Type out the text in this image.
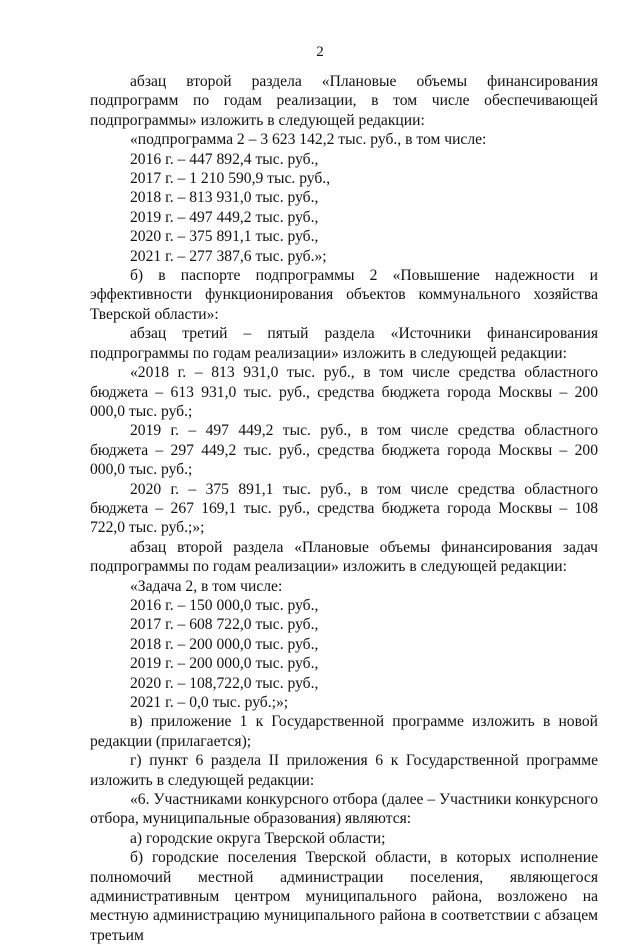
2

абзац второй раздела «Плановые объемы финансирования подпрограмм по годам реализации, в том числе обеспечивающей подпрограммы» изложить в следующей редакции:

«подпрограмма 2 – 3 623 142,2 тыс. руб., в том числе:

2016 г. – 447 892,4 тыс. руб.,

2017 г. – 1 210 590,9 тыс. руб.,

2018 г. – 813 931,0 тыс. руб.,

2019 г. – 497 449,2 тыс. руб.,

2020 г. – 375 891,1 тыс. руб.,

2021 г. – 277 387,6 тыс. руб.»;

б) в паспорте подпрограммы 2 «Повышение надежности и эффективности функционирования объектов коммунального хозяйства Тверской области»:

абзац третий – пятый раздела «Источники финансирования подпрограммы по годам реализации» изложить в следующей редакции:

«2018 г. – 813 931,0 тыс. руб., в том числе средства областного бюджета – 613 931,0 тыс. руб., средства бюджета города Москвы – 200 000,0 тыс. руб.;

2019 г. – 497 449,2 тыс. руб., в том числе средства областного бюджета – 297 449,2 тыс. руб., средства бюджета города Москвы – 200 000,0 тыс. руб.;

2020 г. – 375 891,1 тыс. руб., в том числе средства областного бюджета – 267 169,1 тыс. руб., средства бюджета города Москвы – 108 722,0 тыс. руб.;»;

абзац второй раздела «Плановые объемы финансирования задач подпрограммы по годам реализации» изложить в следующей редакции:

«Задача 2, в том числе:

2016 г. – 150 000,0 тыс. руб.,

2017 г. – 608 722,0 тыс. руб.,

2018 г. – 200 000,0 тыс. руб.,

2019 г. – 200 000,0 тыс. руб.,

2020 г. – 108,722,0 тыс. руб.,

2021 г. – 0,0 тыс. руб.;»;

в) приложение 1 к Государственной программе изложить в новой редакции (прилагается);

г) пункт 6 раздела II приложения 6 к Государственной программе изложить в следующей редакции:

«6. Участниками конкурсного отбора (далее – Участники конкурсного отбора, муниципальные образования) являются:

а) городские округа Тверской области;

б) городские поселения Тверской области, в которых исполнение полномочий местной администрации поселения, являющегося административным центром муниципального района, возложено на местную администрацию муниципального района в соответствии с абзацем третьим
